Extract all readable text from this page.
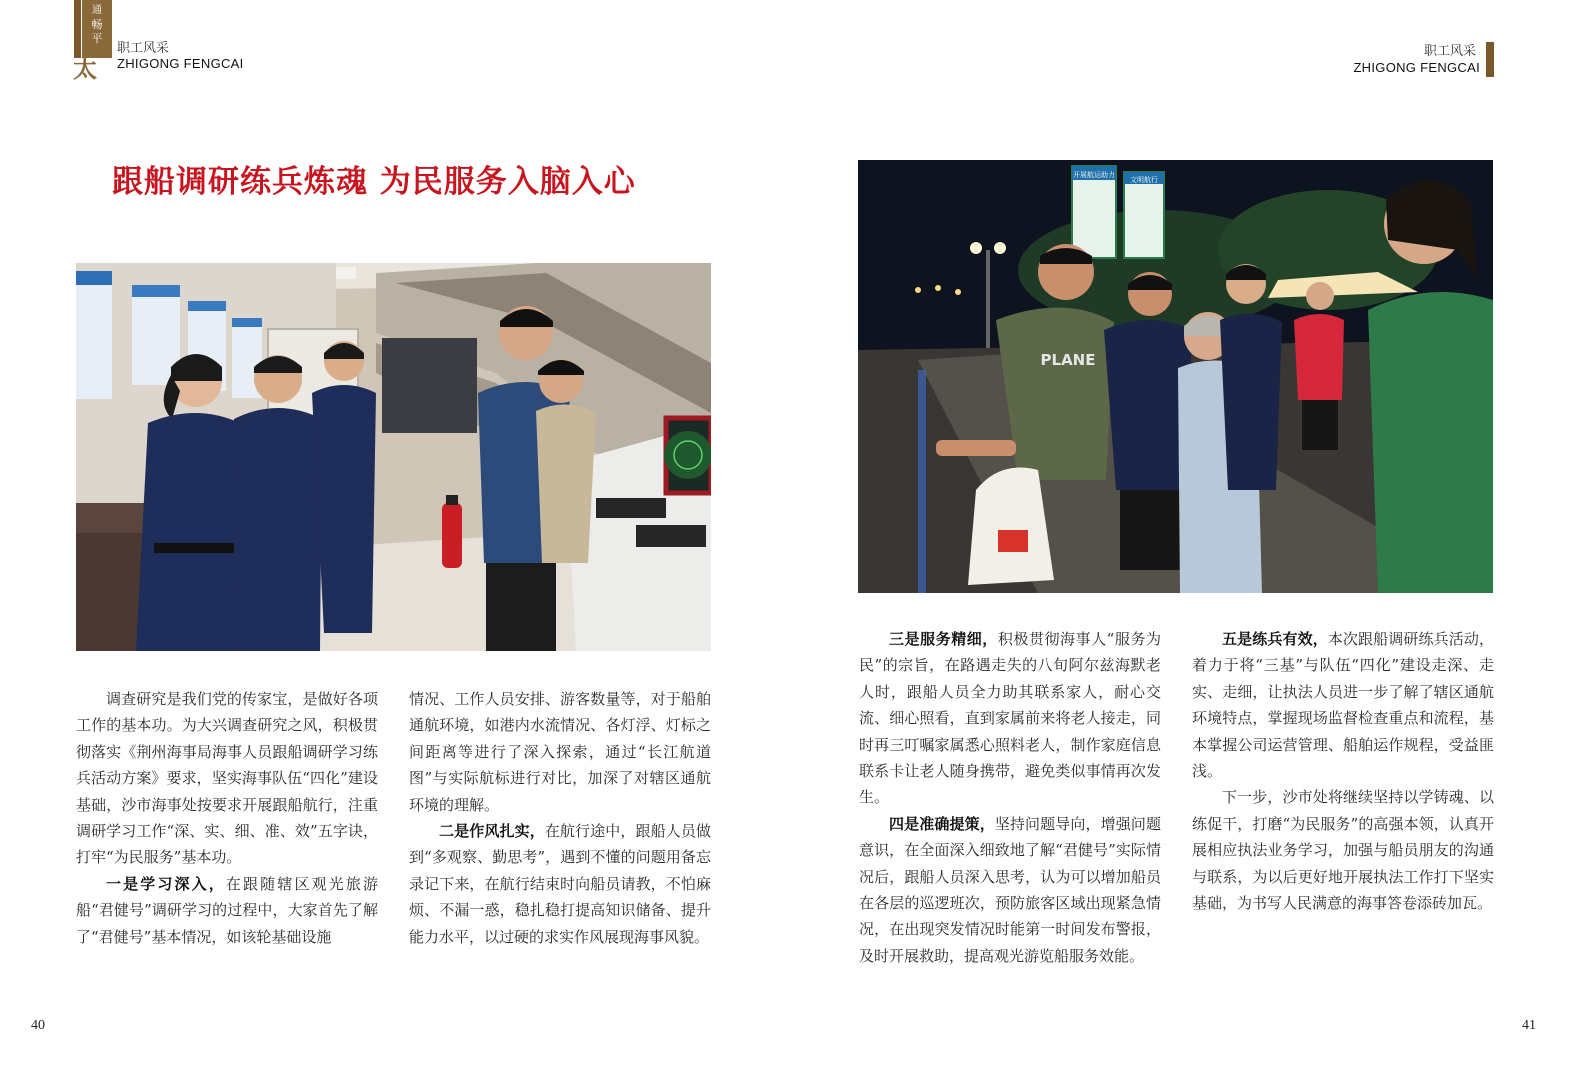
通
畅
平
太
职工风采
ZHIGONG FENGCAI
职工风采
ZHIGONG FENGCAI
跟船调研练兵炼魂 为民服务入脑入心	开展航运助力
文明航行
PLANE

调查研究是我们党的传家宝，是做好各项工作的基本功。为大兴调查研究之风，积极贯彻落实《荆州海事局海事人员跟船调研学习练兵活动方案》要求，坚实海事队伍“四化”建设基础，沙市海事处按要求开展跟船航行，注重调研学习工作“深、实、细、准、效”五字诀，打牢“为民服务”基本功。

一是学习深入，在跟随辖区观光旅游船“君健号”调研学习的过程中，大家首先了解了“君健号”基本情况，如该轮基础设施

情况、工作人员安排、游客数量等，对于船舶通航环境，如港内水流情况、各灯浮、灯标之间距离等进行了深入探索，通过“长江航道图”与实际航标进行对比，加深了对辖区通航环境的理解。

二是作风扎实，在航行途中，跟船人员做到“多观察、勤思考”，遇到不懂的问题用备忘录记下来，在航行结束时向船员请教，不怕麻烦、不漏一惑，稳扎稳打提高知识储备、提升能力水平，以过硬的求实作风展现海事风貌。

三是服务精细，积极贯彻海事人“服务为民”的宗旨，在路遇走失的八旬阿尔兹海默老人时，跟船人员全力助其联系家人，耐心交流、细心照看，直到家属前来将老人接走，同时再三叮嘱家属悉心照料老人，制作家庭信息联系卡让老人随身携带，避免类似事情再次发生。

四是准确提策，坚持问题导向，增强问题意识，在全面深入细致地了解“君健号”实际情况后，跟船人员深入思考，认为可以增加船员在各层的巡逻班次，预防旅客区域出现紧急情况，在出现突发情况时能第一时间发布警报，及时开展救助，提高观光游览船服务效能。

五是练兵有效，本次跟船调研练兵活动，着力于将“三基”与队伍“四化”建设走深、走实、走细，让执法人员进一步了解了辖区通航环境特点，掌握现场监督检查重点和流程，基本掌握公司运营管理、船舶运作规程，受益匪浅。

下一步，沙市处将继续坚持以学铸魂、以练促干，打磨“为民服务”的高强本领，认真开展相应执法业务学习，加强与船员朋友的沟通与联系，为以后更好地开展执法工作打下坚实基础，为书写人民满意的海事答卷添砖加瓦。

40	41
